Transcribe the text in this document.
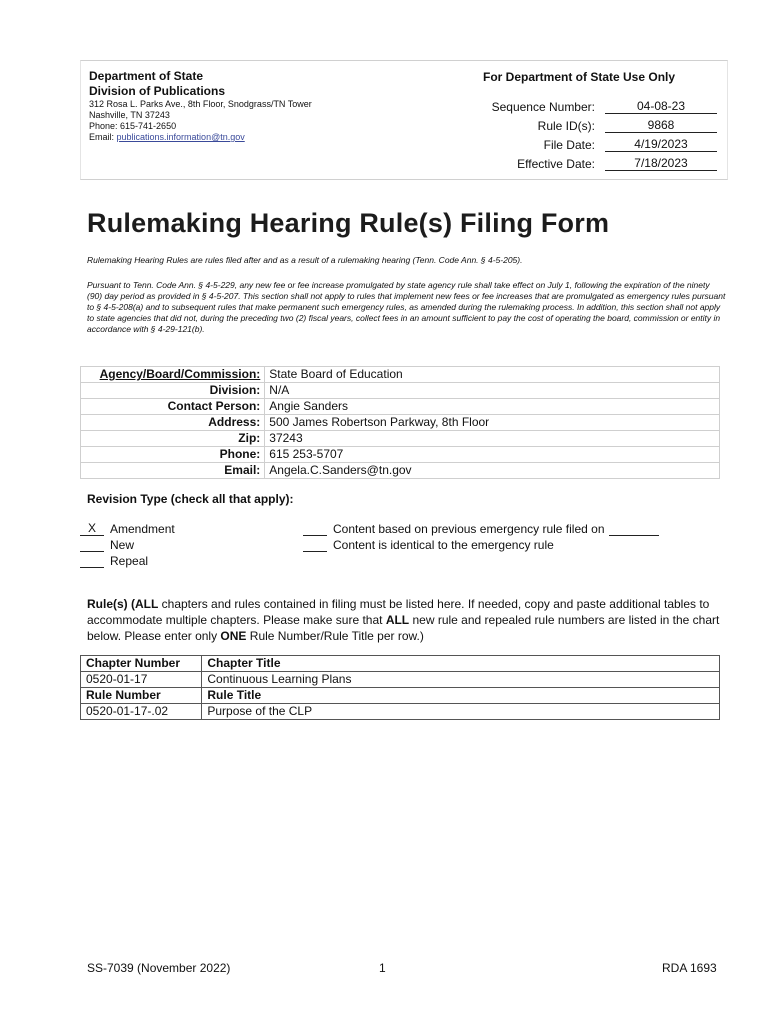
Department of State
Division of Publications
312 Rosa L. Parks Ave., 8th Floor, Snodgrass/TN Tower
Nashville, TN 37243
Phone: 615-741-2650
Email: publications.information@tn.gov
For Department of State Use Only
Sequence Number:	04-08-23
Rule ID(s):	9868
File Date:	4/19/2023
Effective Date:	7/18/2023
Rulemaking Hearing Rule(s) Filing Form
Rulemaking Hearing Rules are rules filed after and as a result of a rulemaking hearing (Tenn. Code Ann. § 4-5-205).
Pursuant to Tenn. Code Ann. § 4-5-229, any new fee or fee increase promulgated by state agency rule shall take effect on July 1, following the expiration of the ninety (90) day period as provided in § 4-5-207. This section shall not apply to rules that implement new fees or fee increases that are promulgated as emergency rules pursuant to § 4-5-208(a) and to subsequent rules that make permanent such emergency rules, as amended during the rulemaking process. In addition, this section shall not apply to state agencies that did not, during the preceding two (2) fiscal years, collect fees in an amount sufficient to pay the cost of operating the board, commission or entity in accordance with § 4-29-121(b).
Agency/Board/Commission:	State Board of Education
Division:	N/A
Contact Person:	Angie Sanders
Address:	500 James Robertson Parkway, 8th Floor
Zip:	37243
Phone:	615 253-5707
Email:	Angela.C.Sanders@tn.gov
Revision Type (check all that apply):
X	Amendment
New
Repeal
Content based on previous emergency rule filed on
Content is identical to the emergency rule
Rule(s) (ALL chapters and rules contained in filing must be listed here. If needed, copy and paste additional tables to accommodate multiple chapters. Please make sure that ALL new rule and repealed rule numbers are listed in the chart below. Please enter only ONE Rule Number/Rule Title per row.)
Chapter Number	Chapter Title
0520-01-17	Continuous Learning Plans
Rule Number	Rule Title
0520-01-17-.02	Purpose of the CLP
SS-7039 (November 2022)	1	RDA 1693
